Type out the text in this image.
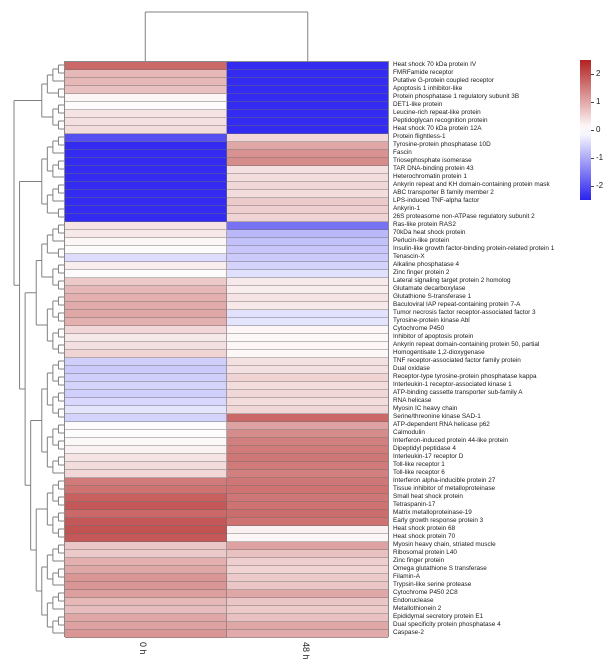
Heat shock 70 kDa protein IV
FMRFamide receptor
Putative G-protein coupled receptor
Apoptosis 1 inhibitor-like
Protein phosphatase 1 regulatory subunit 3B
DET1-like protein
Leucine-rich repeat-like protein
Peptidoglycan recognition protein
Heat shock 70 kDa protein 12A
Protein flightless-1
Tyrosine-protein phosphatase 10D
Fascin
Triosephosphate isomerase
TAR DNA-binding protein 43
Heterochromatin protein 1
Ankyrin repeat and KH domain-containing protein mask
ABC transporter B family member 2
LPS-induced TNF-alpha factor
Ankyrin-1
26S proteasome non-ATPase regulatory subunit 2
Ras-like protein RAS2
70kDa heat shock protein
Perlucin-like protein
Insulin-like growth factor-binding protein-related protein 1
Tenascin-X
Alkaline phosphatase 4
Zinc finger protein 2
Lateral signaling target protein 2 homolog
Glutamate decarboxylase
Glutathione S-transferase 1
Baculoviral IAP repeat-containing protein 7-A
Tumor necrosis factor receptor-associated factor 3
Tyrosine-protein kinase Abl
Cytochrome P450
Inhibitor of apoptosis protein
Ankyrin repeat domain-containing protein 50, partial
Homogentisate 1,2-dioxygenase
TNF receptor-associated factor family protein
Dual oxidase
Receptor-type tyrosine-protein phosphatase kappa
Interleukin-1 receptor-associated kinase 1
ATP-binding cassette transporter sub-family A
RNA helicase
Myosin IC heavy chain
Serine/threonine kinase SAD-1
ATP-dependent RNA helicase p62
Calmodulin
Interferon-induced protein 44-like protein
Dipeptidyl peptidase 4
Interleukin-17 receptor D
Toll-like receptor 1
Toll-like receptor 6
Interferon alpha-inducible protein 27
Tissue inhibitor of metalloproteinase
Small heat shock protein
Tetraspanin-17
Matrix metalloproteinase-19
Early growth response protein 3
Heat shock protein 68
Heat shock protein 70
Myosin heavy chain, striated muscle
Ribosomal protein L40
Zinc finger protein
Omega glutathione S transferase
Filamin-A
Trypsin-like serine protease
Cytochrome P450 2C8
Endonuclease
Metallothionein 2
Epididymal secretory protein E1
Dual specificity protein phosphatase 4
Caspase-2
2
1
0
-1
-2
0 h	48 h
